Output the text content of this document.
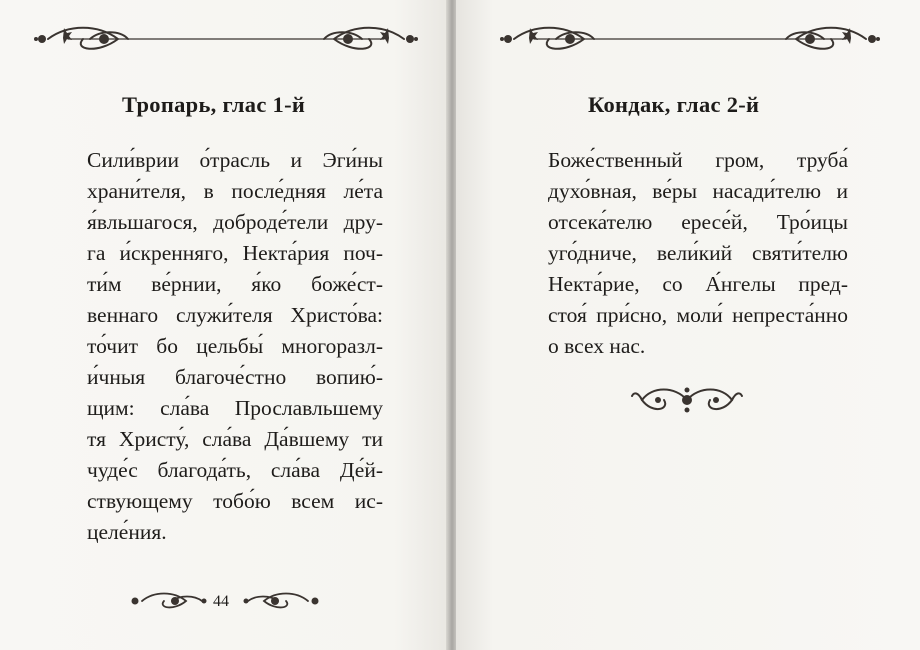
Тропарь, глас 1-й
Сили́врии о́трасль и Эги́ны
храни́теля, в после́дняя ле́та
я́вльшагося, доброде́тели дру-
га и́скренняго, Некта́рия поч-
ти́м ве́рнии, я́ко боже́ст-
веннаго служи́теля Христо́ва:
то́чит бо цельбы́ многоразл-
и́чныя благоче́стно вопию́-
щим: сла́ва Прославльшему
тя Христу́, сла́ва Да́вшему ти
чуде́с благода́ть, сла́ва Де́й-
ствующему тобо́ю всем ис-
целе́ния.
44
Кондак, глас 2-й
Боже́ственный гром, труба́
духо́вная, ве́ры насади́телю и
отсека́телю ересе́й, Тро́ицы
уго́дниче, вели́кий святи́телю
Некта́рие, со А́нгелы пред-
стоя́ при́сно, моли́ непреста́нно
о всех нас.
